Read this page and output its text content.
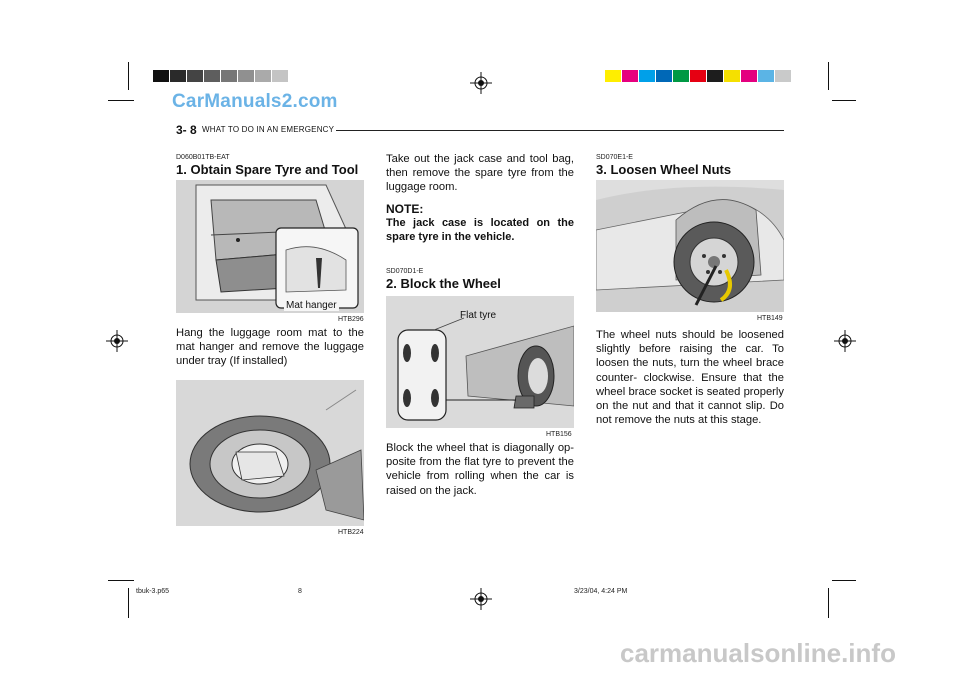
CarManuals2.com
3- 8 WHAT TO DO IN AN EMERGENCY
D060B01TB-EAT
1. Obtain Spare Tyre and Tool
Mat hanger
HTB296
Hang the luggage room mat to the mat hanger and remove the luggage under tray (If installed)
HTB224
Take out the jack case and tool bag, then remove the spare tyre from the luggage room.
NOTE:
The jack case is located on the spare tyre in the vehicle.
SD070D1-E
2. Block the Wheel
Flat tyre
HTB156
Block the wheel that is diagonally op- posite from the flat tyre to prevent the vehicle from rolling when the car is raised on the jack.
SD070E1-E
3. Loosen Wheel Nuts
HTB149
The wheel nuts should be loosened slightly before raising the car. To loosen the nuts, turn the wheel brace counter- clockwise. Ensure that the wheel brace socket is seated properly on the nut and that it cannot slip. Do not remove the nuts at this stage.
tbuk-3.p65	8	3/23/04, 4:24 PM
carmanualsonline.info
